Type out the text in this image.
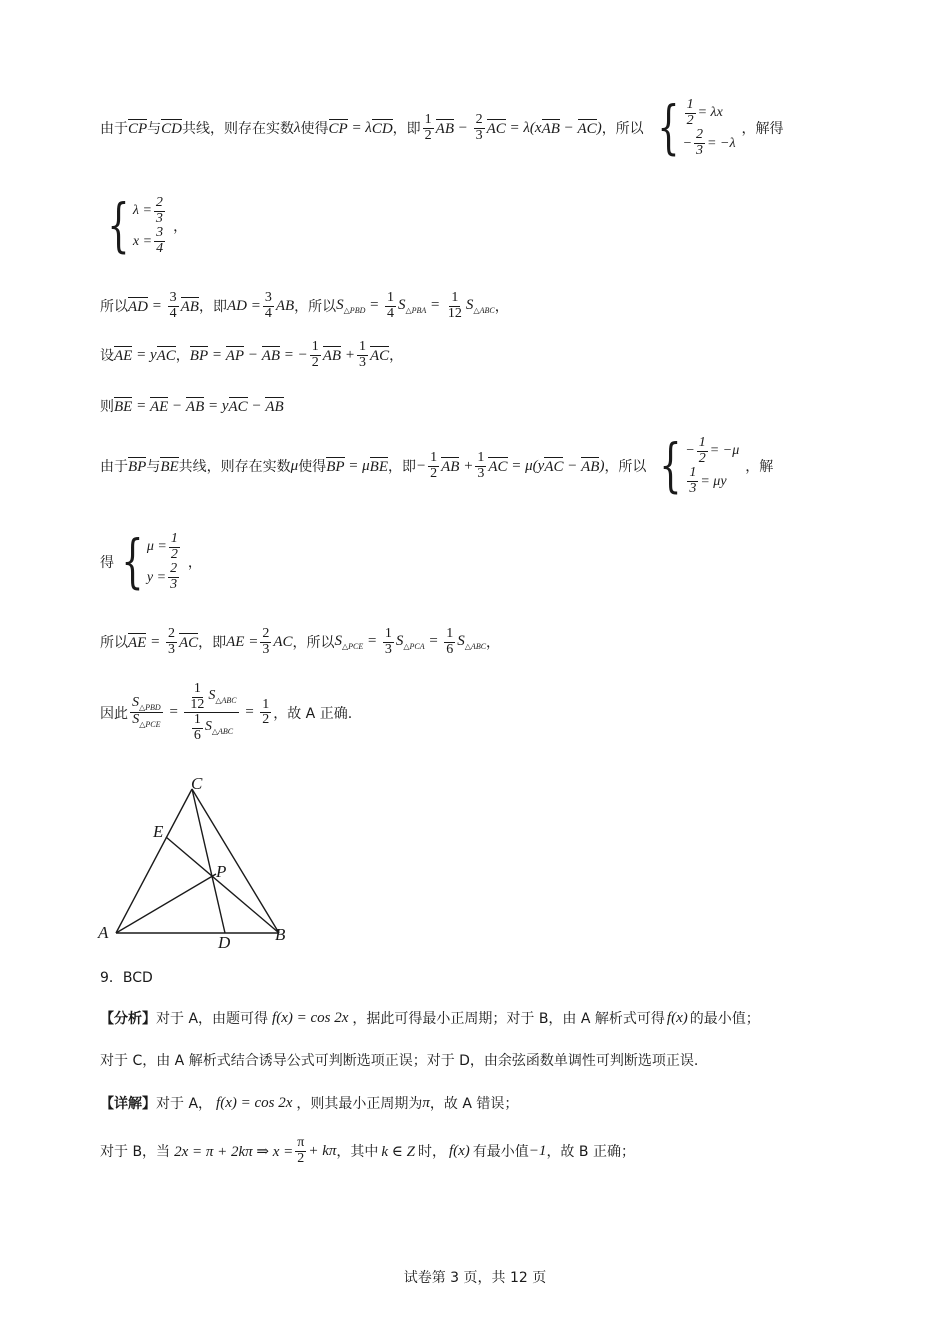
由于 CP 与 CD 共线，则存在实数 λ 使得 CP = λ CD ，即 $\frac{1}{2}$ AB − $\frac{2}{3}$ AC = λ(x AB − AC ) ，所以 { $\frac{1}{2} = \lambda x$
− $\frac{2}{3} = -\lambda$
，解得
{ $\lambda = \frac{2}{3}$
$x = \frac{3}{4}$ ，
所以 AD = $\frac{3}{4}$ AB ，即 AD = $\frac{3}{4}$ AB ，所以 $S_{\triangle PBD} = \frac{1}{4} S_{\triangle PBA} = \frac{1}{12} S_{\triangle ABC}$ ，
设 AE = y AC ， BP = AP − AB = − $\frac{1}{2}$ AB + $\frac{1}{3}$ AC ，
则 BE = AE − AB = y AC − AB
由于 BP 与 BE 共线，则存在实数 μ 使得 BP = μ BE ，即 − $\frac{1}{2}$ AB + $\frac{1}{3}$ AC = μ(y AC − AB ) ，所以 { − $\frac{1}{2} = -\mu$
$\frac{1}{3} = \mu y$
，解
得 { $\mu = \frac{1}{2}$
$y = \frac{2}{3}$ ，
所以 AE = $\frac{2}{3}$ AC ，即 AE = $\frac{2}{3}$ AC ，所以 $S_{\triangle PCE} = \frac{1}{3} S_{\triangle PCA} = \frac{1}{6} S_{\triangle ABC}$ ，
因此 $\frac{S_{\triangle PBD}}{S_{\triangle PCE}} = \frac{\frac{1}{12} S_{\triangle ABC}}{\frac{1}{6} S_{\triangle ABC}} = \frac{1}{2}$ ，故 A 正确.
C
E
P
A
D	B
9．BCD
【分析】 对于 A，由题可得 f(x) = cos 2x ，据此可得最小正周期；对于 B，由 A 解析式可得 f(x) 的最小值；
对于 C，由 A 解析式结合诱导公式可判断选项正误；对于 D，由余弦函数单调性可判断选项正误.
【详解】 对于 A， f(x) = cos 2x ，则其最小正周期为 π ，故 A 错误；
对于 B，当 2x = π + 2kπ ⇒ $x = \frac{\pi}{2} + k\pi$ ，其中 k ∈ Z 时， f(x) 有最小值 −1 ，故 B 正确；
试卷第 3 页，共 12 页
